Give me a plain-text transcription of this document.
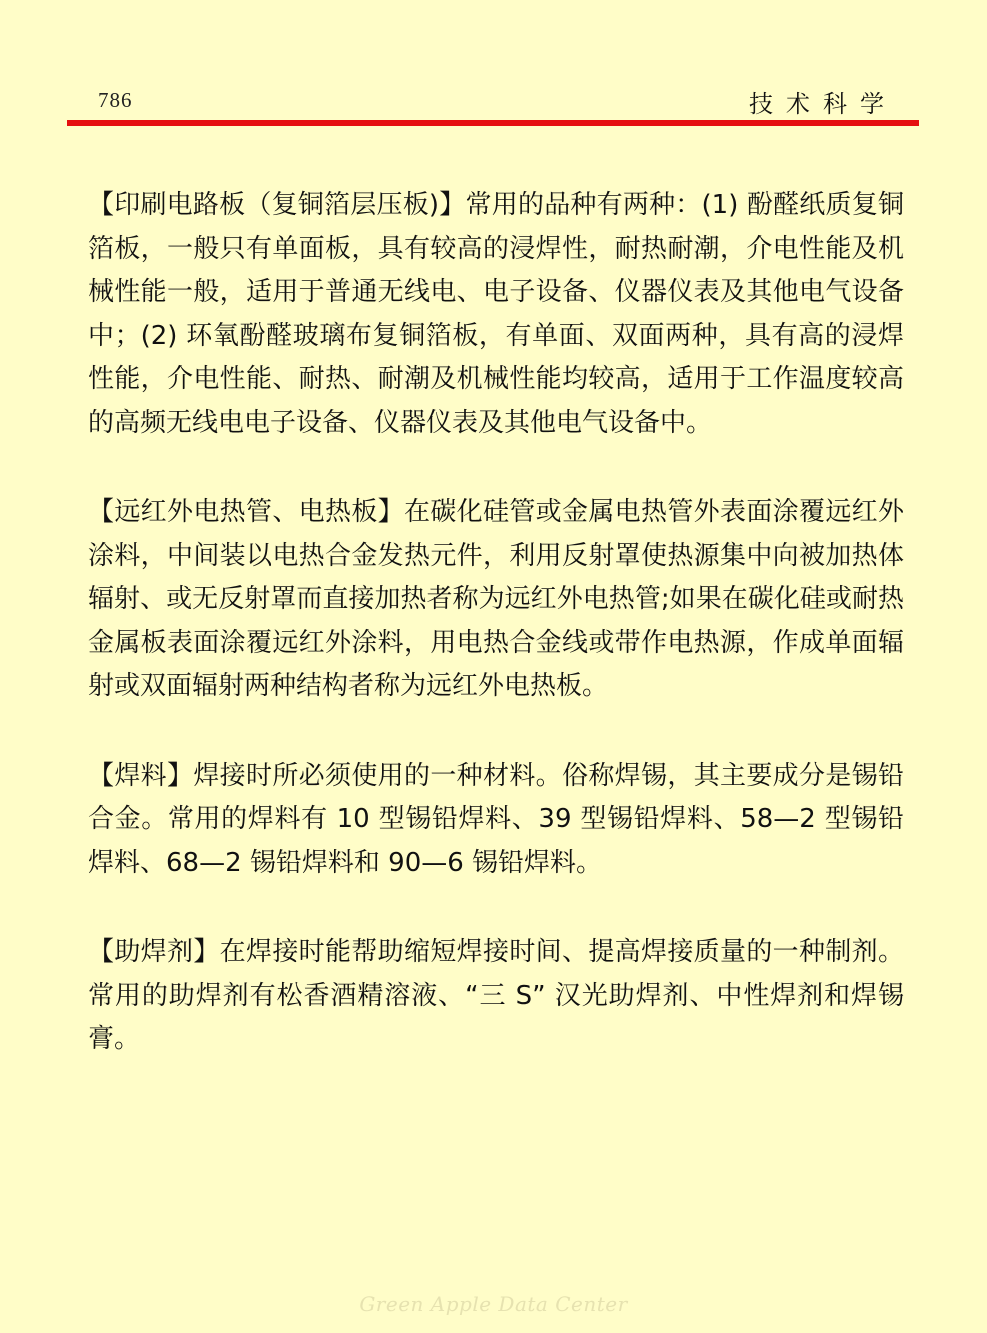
786	技术科学

【印刷电路板（复铜箔层压板)】常用的品种有两种：(1) 酚醛纸质复铜箔板，一般只有单面板，具有较高的浸焊性，耐热耐潮，介电性能及机械性能一般，适用于普通无线电、电子设备、仪器仪表及其他电气设备中；(2) 环氧酚醛玻璃布复铜箔板，有单面、双面两种，具有高的浸焊性能，介电性能、耐热、耐潮及机械性能均较高，适用于工作温度较高的高频无线电电子设备、仪器仪表及其他电气设备中。

【远红外电热管、电热板】在碳化硅管或金属电热管外表面涂覆远红外涂料，中间装以电热合金发热元件，利用反射罩使热源集中向被加热体辐射、或无反射罩而直接加热者称为远红外电热管;如果在碳化硅或耐热金属板表面涂覆远红外涂料，用电热合金线或带作电热源，作成单面辐射或双面辐射两种结构者称为远红外电热板。

【焊料】焊接时所必须使用的一种材料。俗称焊锡，其主要成分是锡铅合金。常用的焊料有 10 型锡铅焊料、39 型锡铅焊料、58—2 型锡铅焊料、68—2 锡铅焊料和 90—6 锡铅焊料。

【助焊剂】在焊接时能帮助缩短焊接时间、提高焊接质量的一种制剂。常用的助焊剂有松香酒精溶液、“三 S” 汉光助焊剂、中性焊剂和焊锡膏。

Green Apple Data Center
